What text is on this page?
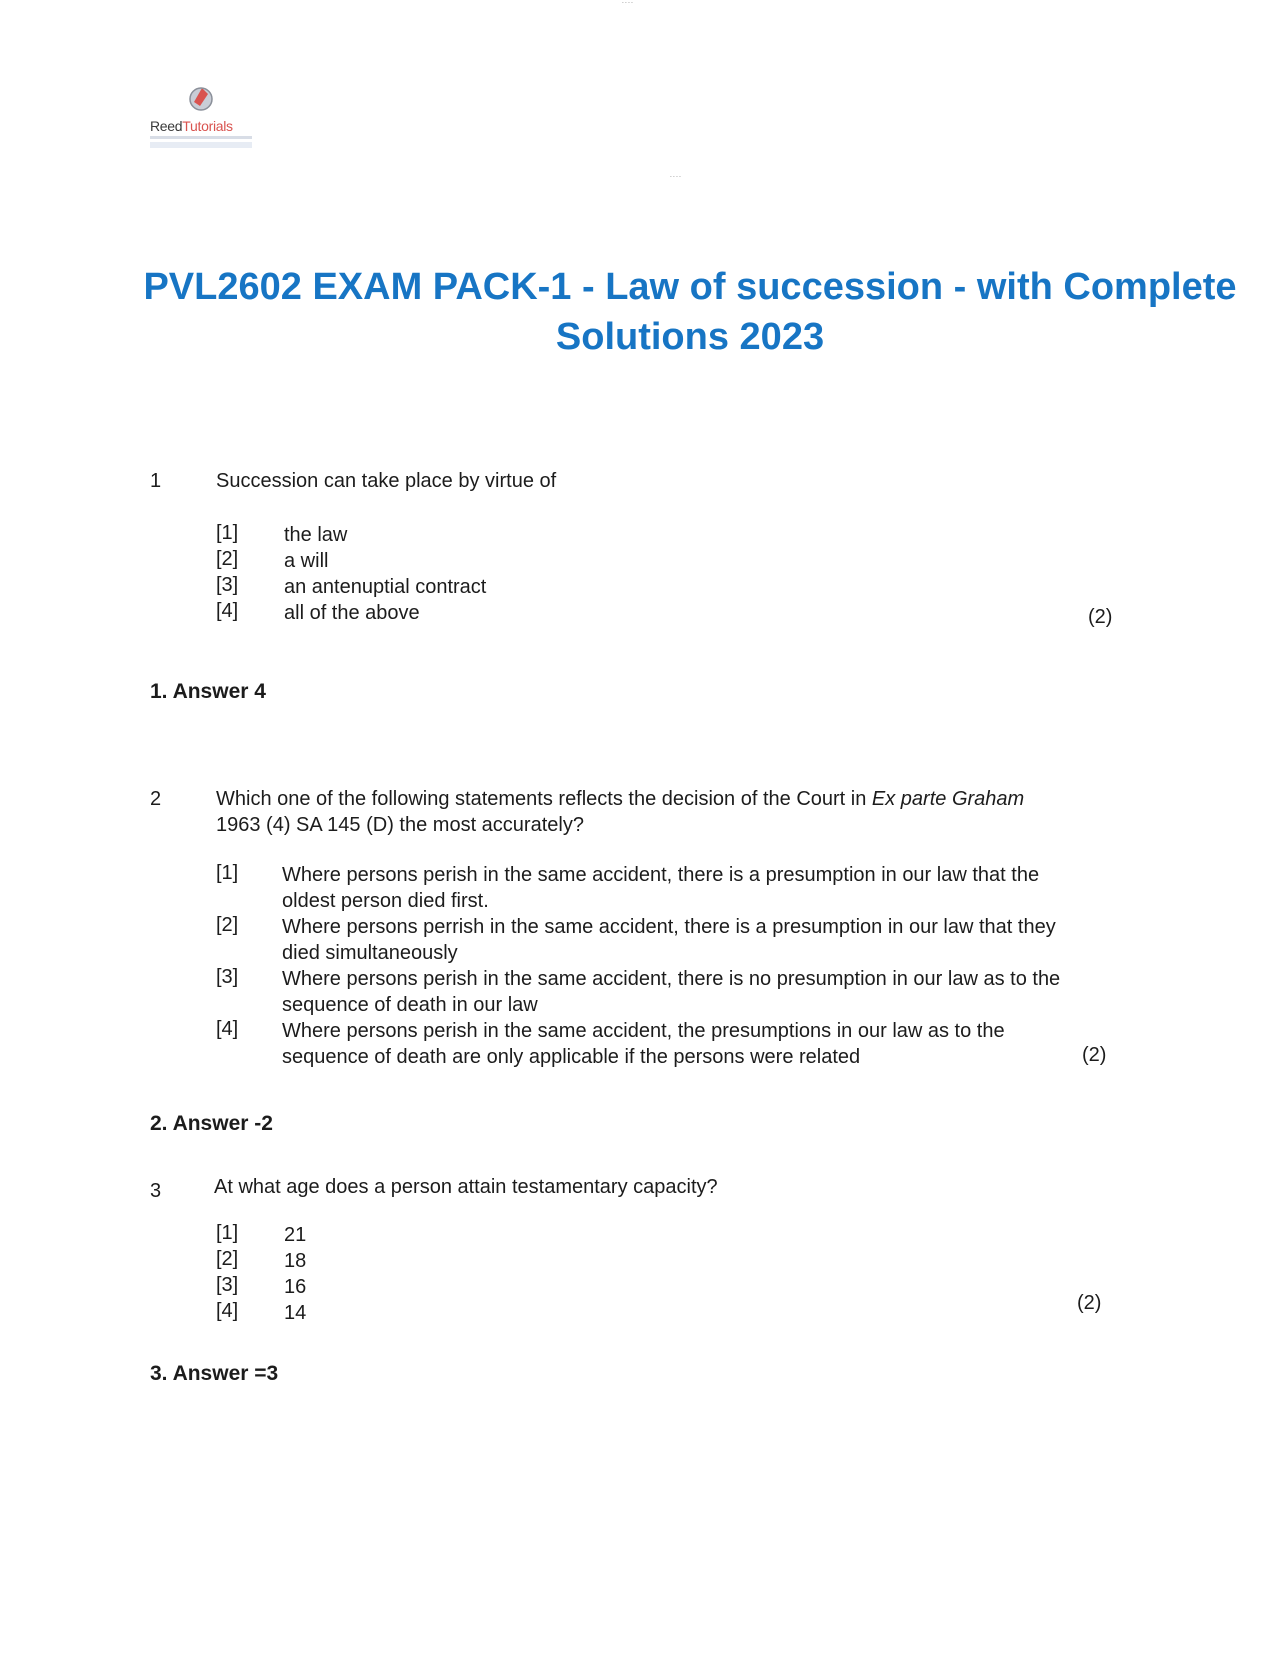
- - - -
- - - -
ReedTutorials
PVL2602 EXAM PACK-1 - Law of succession - with Complete Solutions 2023
1	Succession can take place by virtue of
[1]	the law
[2]	a will
[3]	an antenuptial contract
[4]	all of the above	(2)
1. Answer 4
2	Which one of the following statements reflects the decision of the Court in Ex parte Graham 1963 (4) SA 145 (D) the most accurately?
[1]	Where persons perish in the same accident, there is a presumption in our law that the oldest person died first.
[2]	Where persons perrish in the same accident, there is a presumption in our law that they died simultaneously
[3]	Where persons perish in the same accident, there is no presumption in our law as to the sequence of death in our law
[4]	Where persons perish in the same accident, the presumptions in our law as to the sequence of death are only applicable if the persons were related	(2)
2. Answer -2
3	At what age does a person attain testamentary capacity?
[1]	21
[2]	18
[3]	16
[4]	14	(2)
3. Answer =3
